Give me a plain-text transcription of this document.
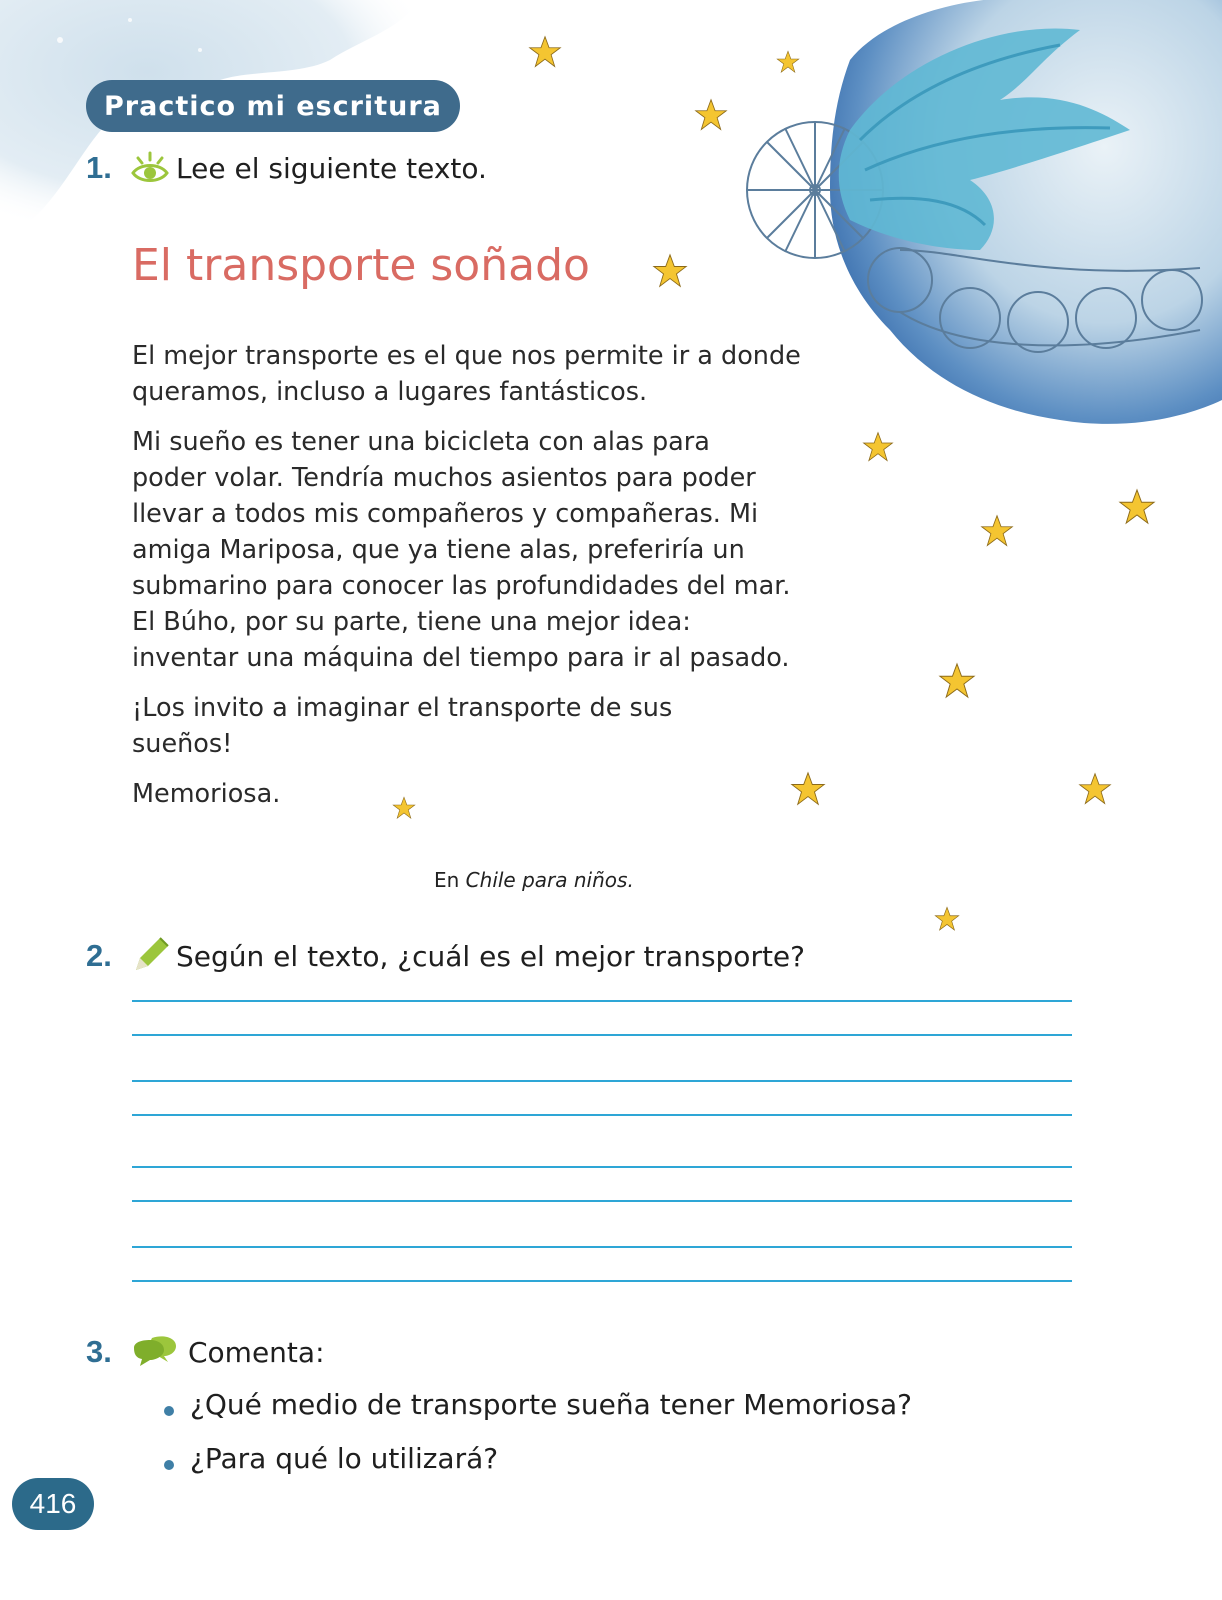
Practico mi escritura
1. Lee el siguiente texto.
El transporte soñado

El mejor transporte es el que nos permite ir a donde queramos, incluso a lugares fantásticos.

Mi sueño es tener una bicicleta con alas para poder volar. Tendría muchos asientos para poder llevar a todos mis compañeros y compañeras. Mi amiga Mariposa, que ya tiene alas, preferiría un submarino para conocer las profundidades del mar. El Búho, por su parte, tiene una mejor idea: inventar una máquina del tiempo para ir al pasado.

¡Los invito a imaginar el transporte de sus sueños!

Memoriosa.

En Chile para niños.
2. Según el texto, ¿cuál es el mejor transporte?
3.	Comenta:
¿Qué medio de transporte sueña tener Memoriosa?
¿Para qué lo utilizará?
416
